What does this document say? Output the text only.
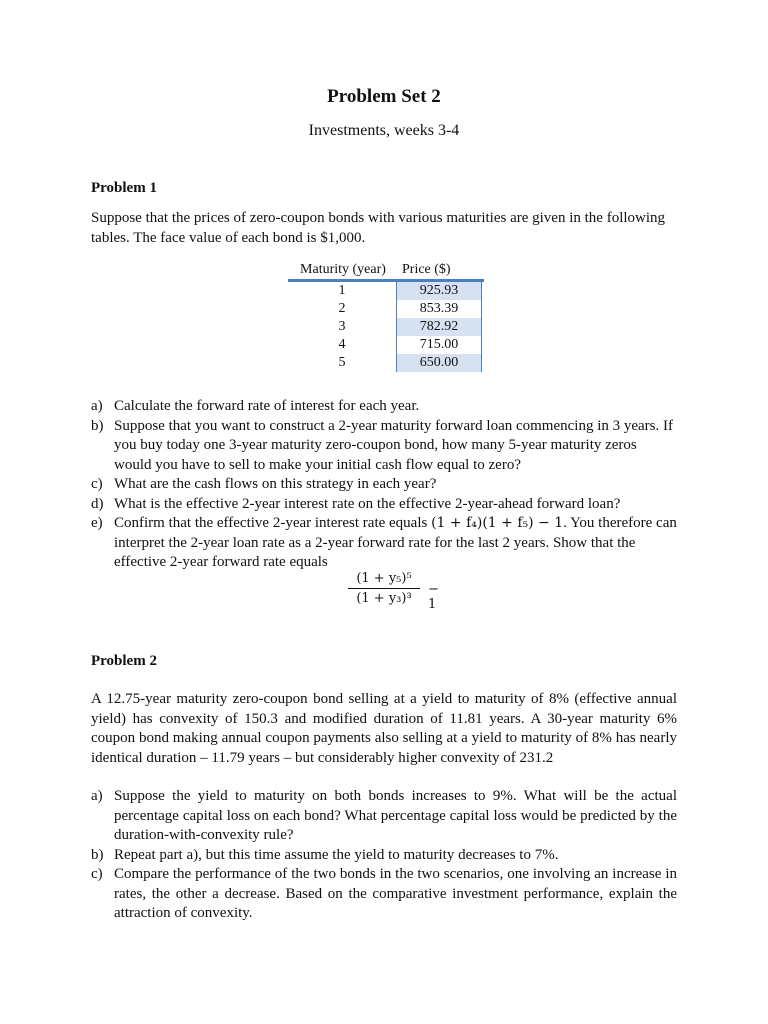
Problem Set 2
Investments, weeks 3-4
Problem 1
Suppose that the prices of zero-coupon bonds with various maturities are given in the following tables. The face value of each bond is $1,000.
Maturity (year)	Price ($)
1	925.93
2	853.39
3	782.92
4	715.00
5	650.00
a) Calculate the forward rate of interest for each year.
b) Suppose that you want to construct a 2-year maturity forward loan commencing in 3 years. If you buy today one 3-year maturity zero-coupon bond, how many 5-year maturity zeros would you have to sell to make your initial cash flow equal to zero?
c) What are the cash flows on this strategy in each year?
d) What is the effective 2-year interest rate on the effective 2-year-ahead forward loan?
e) Confirm that the effective 2-year interest rate equals (1 + f₄)(1 + f₅) − 1. You therefore can interpret the 2-year loan rate as a 2-year forward rate for the last 2 years. Show that the effective 2-year forward rate equals
(1 + y₅)⁵
(1 + y₃)³
− 1
Problem 2
A 12.75-year maturity zero-coupon bond selling at a yield to maturity of 8% (effective annual yield) has convexity of 150.3 and modified duration of 11.81 years. A 30-year maturity 6% coupon bond making annual coupon payments also selling at a yield to maturity of 8% has nearly identical duration – 11.79 years – but considerably higher convexity of 231.2
a) Suppose the yield to maturity on both bonds increases to 9%. What will be the actual percentage capital loss on each bond? What percentage capital loss would be predicted by the duration-with-convexity rule?
b) Repeat part a), but this time assume the yield to maturity decreases to 7%.
c) Compare the performance of the two bonds in the two scenarios, one involving an increase in rates, the other a decrease. Based on the comparative investment performance, explain the attraction of convexity.
